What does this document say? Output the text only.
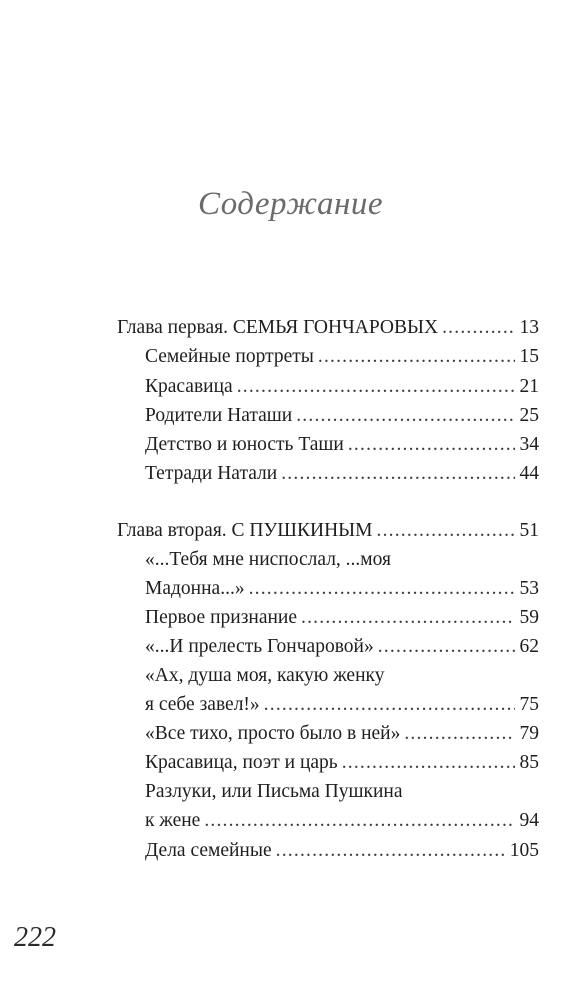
Содержание
Глава первая. СЕМЬЯ ГОНЧАРОВЫХ .....	13
Семейные портреты .....	15
Красавица .....	21
Родители Наташи .....	25
Детство и юность Таши .....	34
Тетради Натали .....	44
Глава вторая. С ПУШКИНЫМ .....	51
«...Тебя мне ниспослал, ...моя
Мадонна...» .....	53
Первое признание .....	59
«...И прелесть Гончаровой» .....	62
«Ах, душа моя, какую женку
я себе завел!» .....	75
«Все тихо, просто было в ней» .....	79
Красавица, поэт и царь .....	85
Разлуки, или Письма Пушкина
к жене .....	94
Дела семейные .....	105
222
